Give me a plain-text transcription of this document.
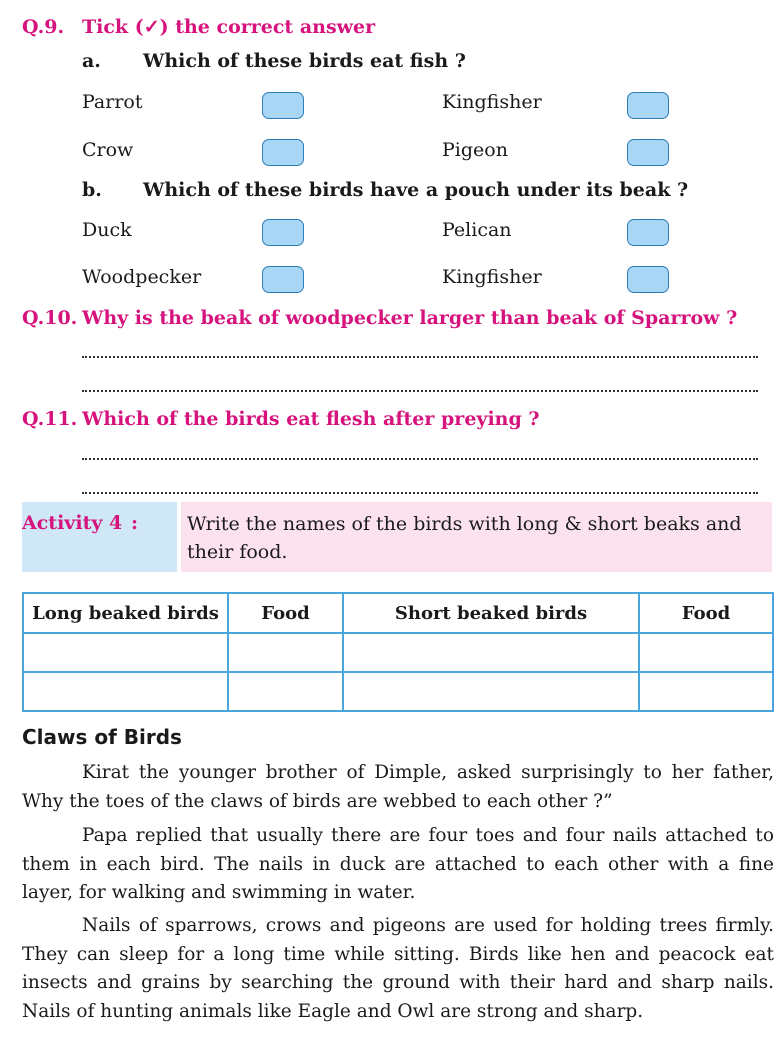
Q.9. Tick (✓) the correct answer
a. Which of these birds eat fish ?
Parrot	Kingfisher
Crow	Pigeon
b. Which of these birds have a pouch under its beak ?
Duck	Pelican
Woodpecker	Kingfisher
Q.10. Why is the beak of woodpecker larger than beak of Sparrow ?
Q.11. Which of the birds eat flesh after preying ?
Activity 4 :	Write the names of the birds with long & short beaks and
their food.
Long beaked birds	Food	Short beaked birds	Food

Claws of Birds

Kirat the younger brother of Dimple, asked surprisingly to her father, Why the toes of the claws of birds are webbed to each other ?”

Papa replied that usually there are four toes and four nails attached to them in each bird. The nails in duck are attached to each other with a fine layer, for walking and swimming in water.

Nails of sparrows, crows and pigeons are used for holding trees firmly. They can sleep for a long time while sitting. Birds like hen and peacock eat insects and grains by searching the ground with their hard and sharp nails. Nails of hunting animals like Eagle and Owl are strong and sharp.
